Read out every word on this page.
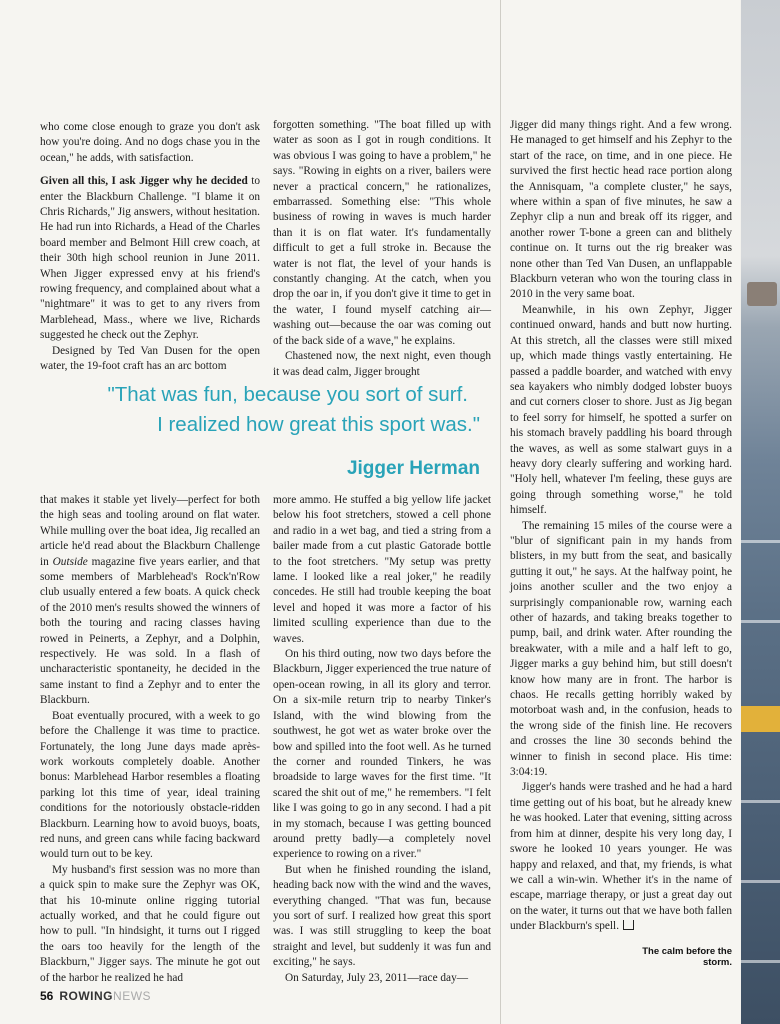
who come close enough to graze you don't ask how you're doing. And no dogs chase you in the ocean," he adds, with satisfaction.

Given all this, I ask Jigger why he decided to enter the Blackburn Challenge. "I blame it on Chris Richards," Jig answers, without hesitation. He had run into Richards, a Head of the Charles board member and Belmont Hill crew coach, at their 30th high school reunion in June 2011. When Jigger expressed envy at his friend's rowing frequency, and complained about what a "nightmare" it was to get to any rivers from Marblehead, Mass., where we live, Richards suggested he check out the Zephyr.

Designed by Ted Van Dusen for the open water, the 19-foot craft has an arc bottom

forgotten something. "The boat filled up with water as soon as I got in rough conditions. It was obvious I was going to have a problem," he says. "Rowing in eights on a river, bailers were never a practical concern," he rationalizes, embarrassed. Something else: "This whole business of rowing in waves is much harder than it is on flat water. It's fundamentally difficult to get a full stroke in. Because the water is not flat, the level of your hands is constantly changing. At the catch, when you drop the oar in, if you don't give it time to get in the water, I found myself catching air—washing out—because the oar was coming out of the back side of a wave," he explains.

Chastened now, the next night, even though it was dead calm, Jigger brought

"That was fun, because you sort of surf.
I realized how great this sport was."
Jigger Herman

that makes it stable yet lively—perfect for both the high seas and tooling around on flat water. While mulling over the boat idea, Jig recalled an article he'd read about the Blackburn Challenge in Outside magazine five years earlier, and that some members of Marblehead's Rock'n'Row club usually entered a few boats. A quick check of the 2010 men's results showed the winners of both the touring and racing classes having rowed in Peinerts, a Zephyr, and a Dolphin, respectively. He was sold. In a flash of uncharacteristic spontaneity, he decided in the same instant to find a Zephyr and to enter the Blackburn.

Boat eventually procured, with a week to go before the Challenge it was time to practice. Fortunately, the long June days made après-work workouts completely doable. Another bonus: Marblehead Harbor resembles a floating parking lot this time of year, ideal training conditions for the notoriously obstacle-ridden Blackburn. Learning how to avoid buoys, boats, red nuns, and green cans while facing backward would turn out to be key.

My husband's first session was no more than a quick spin to make sure the Zephyr was OK, that his 10-minute online rigging tutorial actually worked, and that he could figure out how to pull. "In hindsight, it turns out I rigged the oars too heavily for the length of the Blackburn," Jigger says. The minute he got out of the harbor he realized he had

more ammo. He stuffed a big yellow life jacket below his foot stretchers, stowed a cell phone and radio in a wet bag, and tied a string from a bailer made from a cut plastic Gatorade bottle to the foot stretchers. "My setup was pretty lame. I looked like a real joker," he readily concedes. He still had trouble keeping the boat level and hoped it was more a factor of his limited sculling experience than due to the waves.

On his third outing, now two days before the Blackburn, Jigger experienced the true nature of open-ocean rowing, in all its glory and terror. On a six-mile return trip to nearby Tinker's Island, with the wind blowing from the southwest, he got wet as water broke over the bow and spilled into the foot well. As he turned the corner and rounded Tinkers, he was broadside to large waves for the first time. "It scared the shit out of me," he remembers. "I felt like I was going to go in any second. I had a pit in my stomach, because I was getting bounced around pretty badly—a completely novel experience to rowing on a river."

But when he finished rounding the island, heading back now with the wind and the waves, everything changed. "That was fun, because you sort of surf. I realized how great this sport was. I was still struggling to keep the boat straight and level, but suddenly it was fun and exciting," he says.

On Saturday, July 23, 2011—race day—

Jigger did many things right. And a few wrong. He managed to get himself and his Zephyr to the start of the race, on time, and in one piece. He survived the first hectic head race portion along the Annisquam, "a complete cluster," he says, where within a span of five minutes, he saw a Zephyr clip a nun and break off its rigger, and another rower T-bone a green can and blithely continue on. It turns out the rig breaker was none other than Ted Van Dusen, an unflappable Blackburn veteran who won the touring class in 2010 in the very same boat.

Meanwhile, in his own Zephyr, Jigger continued onward, hands and butt now hurting. At this stretch, all the classes were still mixed up, which made things vastly entertaining. He passed a paddle boarder, and watched with envy sea kayakers who nimbly dodged lobster buoys and cut corners closer to shore. Just as Jig began to feel sorry for himself, he spotted a surfer on his stomach bravely paddling his board through the waves, as well as some stalwart guys in a heavy dory clearly suffering and working hard. "Holy hell, whatever I'm feeling, these guys are going through something worse," he told himself.

The remaining 15 miles of the course were a "blur of significant pain in my hands from blisters, in my butt from the seat, and basically gutting it out," he says. At the halfway point, he joins another sculler and the two enjoy a surprisingly companionable row, warning each other of hazards, and taking breaks together to pump, bail, and drink water. After rounding the breakwater, with a mile and a half left to go, Jigger marks a guy behind him, but still doesn't know how many are in front. The harbor is chaos. He recalls getting horribly waked by motorboat wash and, in the confusion, heads to the wrong side of the finish line. He recovers and crosses the line 30 seconds behind the winner to finish in second place. His time: 3:04:19.

Jigger's hands were trashed and he had a hard time getting out of his boat, but he already knew he was hooked. Later that evening, sitting across from him at dinner, despite his very long day, I swore he looked 10 years younger. He was happy and relaxed, and that, my friends, is what we call a win-win. Whether it's in the name of escape, marriage therapy, or just a great day out on the water, it turns out that we have both fallen under Blackburn's spell.

The calm before the storm.
56 ROWINGNEWS
